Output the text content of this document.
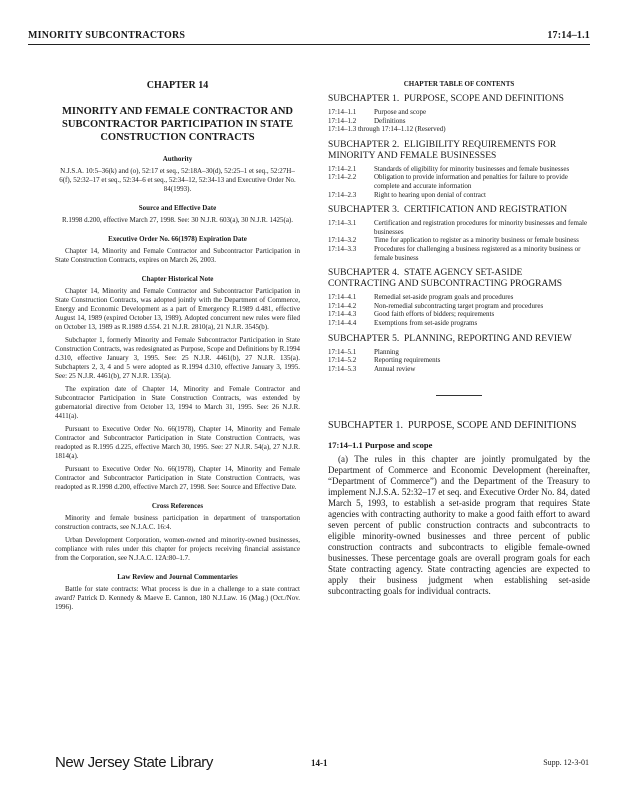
MINORITY SUBCONTRACTORS	17:14–1.1
CHAPTER 14
MINORITY AND FEMALE CONTRACTOR AND SUBCONTRACTOR PARTICIPATION IN STATE CONSTRUCTION CONTRACTS
Authority

N.J.S.A. 10:5–36(k) and (o), 52:17 et seq., 52:18A–30(d), 52:25–1 et seq., 52:27H–6(f), 52:32–17 et seq., 52:34–6 et seq., 52:34–12, 52:34-13 and Executive Order No. 84(1993).

Source and Effective Date

R.1998 d.200, effective March 27, 1998. See: 30 N.J.R. 603(a), 30 N.J.R. 1425(a).

Executive Order No. 66(1978) Expiration Date

Chapter 14, Minority and Female Contractor and Subcontractor Participation in State Construction Contracts, expires on March 26, 2003.

Chapter Historical Note

Chapter 14, Minority and Female Contractor and Subcontractor Participation in State Construction Contracts, was adopted jointly with the Department of Commerce, Energy and Economic Development as a part of Emergency R.1989 d.481, effective August 14, 1989 (expired October 13, 1989). Adopted concurrent new rules were filed on October 13, 1989 as R.1989 d.554. 21 N.J.R. 2810(a), 21 N.J.R. 3545(b).

Subchapter 1, formerly Minority and Female Subcontractor Participation in State Construction Contracts, was redesignated as Purpose, Scope and Definitions by R.1994 d.310, effective January 3, 1995. See: 25 N.J.R. 4461(b), 27 N.J.R. 135(a). Subchapters 2, 3, 4 and 5 were adopted as R.1994 d.310, effective January 3, 1995. See: 25 N.J.R. 4461(b), 27 N.J.R. 135(a).

The expiration date of Chapter 14, Minority and Female Contractor and Subcontractor Participation in State Construction Contracts, was extended by gubernatorial directive from October 13, 1994 to March 31, 1995. See: 26 N.J.R. 4411(a).

Pursuant to Executive Order No. 66(1978), Chapter 14, Minority and Female Contractor and Subcontractor Participation in State Construction Contracts, was readopted as R.1995 d.225, effective March 30, 1995. See: 27 N.J.R. 54(a), 27 N.J.R. 1814(a).

Pursuant to Executive Order No. 66(1978), Chapter 14, Minority and Female Contractor and Subcontractor Participation in State Construction Contracts, was readopted as R.1998 d.200, effective March 27, 1998. See: Source and Effective Date.

Cross References

Minority and female business participation in department of transportation construction contracts, see N.J.A.C. 16:4.

Urban Development Corporation, women-owned and minority-owned businesses, compliance with rules under this chapter for projects receiving financial assistance from the Corporation, see N.J.A.C. 12A:80–1.7.

Law Review and Journal Commentaries

Battle for state contracts: What process is due in a challenge to a state contract award? Patrick D. Kennedy & Maeve E. Cannon, 180 N.J.Law. 16 (Mag.) (Oct./Nov. 1996).

CHAPTER TABLE OF CONTENTS
SUBCHAPTER 1. PURPOSE, SCOPE AND DEFINITIONS
17:14–1.1	Purpose and scope
17:14–1.2	Definitions
17:14–1.3 through 17:14–1.12 (Reserved)
SUBCHAPTER 2. ELIGIBILITY REQUIREMENTS FOR MINORITY AND FEMALE BUSINESSES
17:14–2.1	Standards of eligibility for minority businesses and female businesses
17:14–2.2	Obligation to provide information and penalties for failure to provide complete and accurate information
17:14–2.3	Right to hearing upon denial of contract
SUBCHAPTER 3. CERTIFICATION AND REGISTRATION
17:14–3.1	Certification and registration procedures for minority businesses and female businesses
17:14–3.2	Time for application to register as a minority business or female business
17:14–3.3	Procedures for challenging a business registered as a minority business or female business
SUBCHAPTER 4. STATE AGENCY SET-ASIDE CONTRACTING AND SUBCONTRACTING PROGRAMS
17:14–4.1	Remedial set-aside program goals and procedures
17:14–4.2	Non-remedial subcontracting target program and procedures
17:14–4.3	Good faith efforts of bidders; requirements
17:14–4.4	Exemptions from set-aside programs
SUBCHAPTER 5. PLANNING, REPORTING AND REVIEW
17:14–5.1	Planning
17:14–5.2	Reporting requirements
17:14–5.3	Annual review
SUBCHAPTER 1. PURPOSE, SCOPE AND DEFINITIONS
17:14–1.1 Purpose and scope

(a) The rules in this chapter are jointly promulgated by the Department of Commerce and Economic Development (hereinafter, “Department of Commerce”) and the Department of the Treasury to implement N.J.S.A. 52:32–17 et seq. and Executive Order No. 84, dated March 5, 1993, to establish a set-aside program that requires State agencies with contracting authority to make a good faith effort to award seven percent of public construction contracts and subcontracts to eligible minority-owned businesses and three percent of public construction contracts and subcontracts to eligible female-owned businesses. These percentage goals are overall program goals for each State contracting agency. State contracting agencies are expected to apply their business judgment when establishing set-aside subcontracting goals for individual contracts.

New Jersey State Library	14-1	Supp. 12-3-01
